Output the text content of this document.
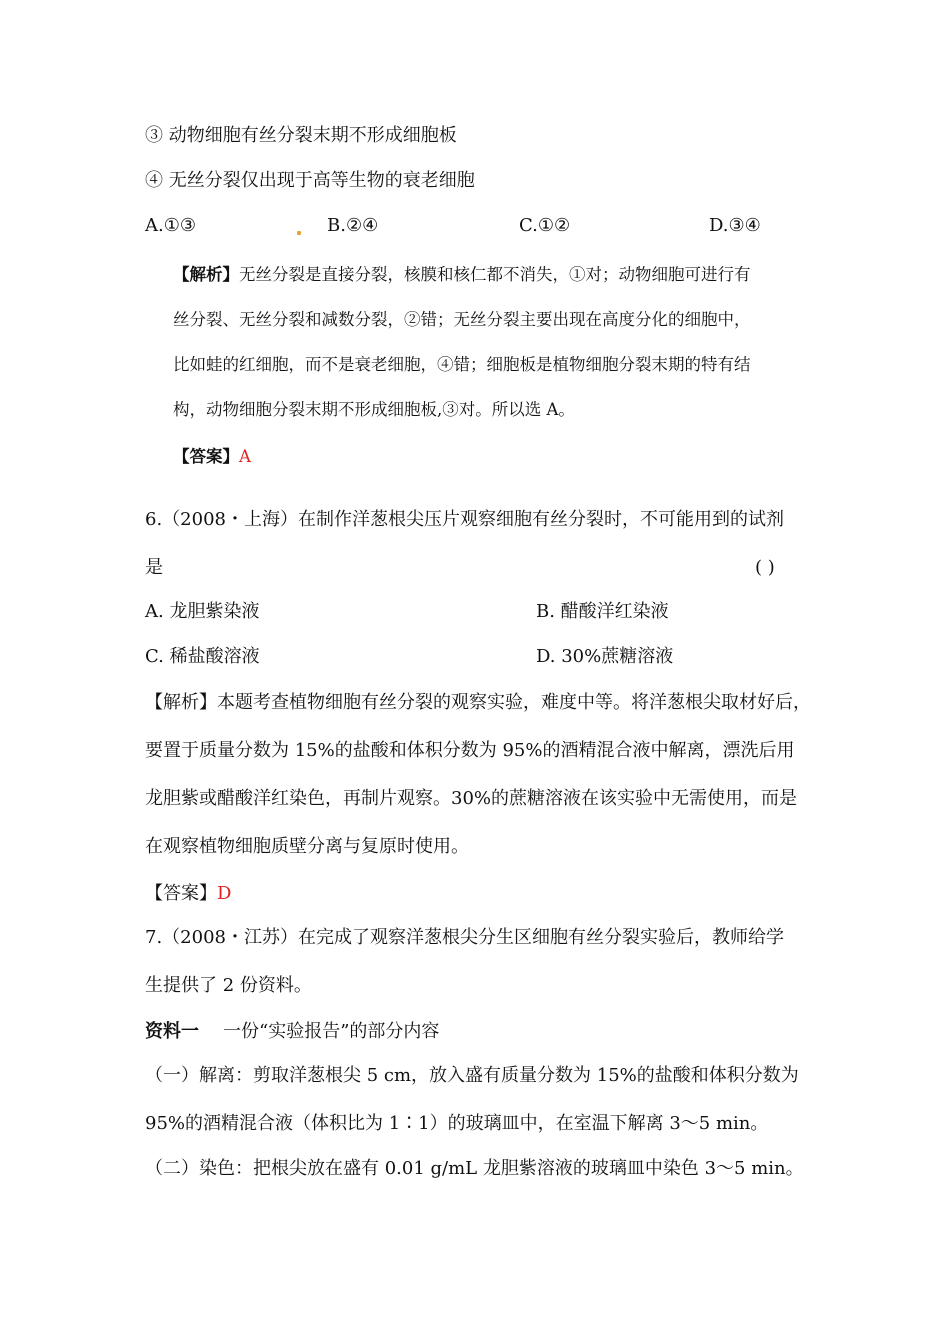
③ 动物细胞有丝分裂末期不形成细胞板
④ 无丝分裂仅出现于高等生物的衰老细胞
A.①③	B.②④	C.①②	D.③④
【解析】无丝分裂是直接分裂，核膜和核仁都不消失，①对；动物细胞可进行有
丝分裂、无丝分裂和减数分裂，②错；无丝分裂主要出现在高度分化的细胞中，
比如蛙的红细胞，而不是衰老细胞，④错；细胞板是植物细胞分裂末期的特有结
构，动物细胞分裂末期不形成细胞板,③对。所以选 A。
【答案】A
6.（2008・上海）在制作洋葱根尖压片观察细胞有丝分裂时，不可能用到的试剂
是	( )
A. 龙胆紫染液	B. 醋酸洋红染液
C. 稀盐酸溶液	D. 30%蔗糖溶液
【解析】本题考查植物细胞有丝分裂的观察实验，难度中等。将洋葱根尖取材好后，
要置于质量分数为 15%的盐酸和体积分数为 95%的酒精混合液中解离，漂洗后用
龙胆紫或醋酸洋红染色，再制片观察。30%的蔗糖溶液在该实验中无需使用，而是
在观察植物细胞质壁分离与复原时使用。
【答案】D
7.（2008・江苏）在完成了观察洋葱根尖分生区细胞有丝分裂实验后，教师给学
生提供了 2 份资料。
资料一 一份“实验报告”的部分内容
（一）解离：剪取洋葱根尖 5 cm，放入盛有质量分数为 15%的盐酸和体积分数为
95%的酒精混合液（体积比为 1∶1）的玻璃皿中，在室温下解离 3～5 min。
（二）染色：把根尖放在盛有 0.01 g/mL 龙胆紫溶液的玻璃皿中染色 3～5 min。
